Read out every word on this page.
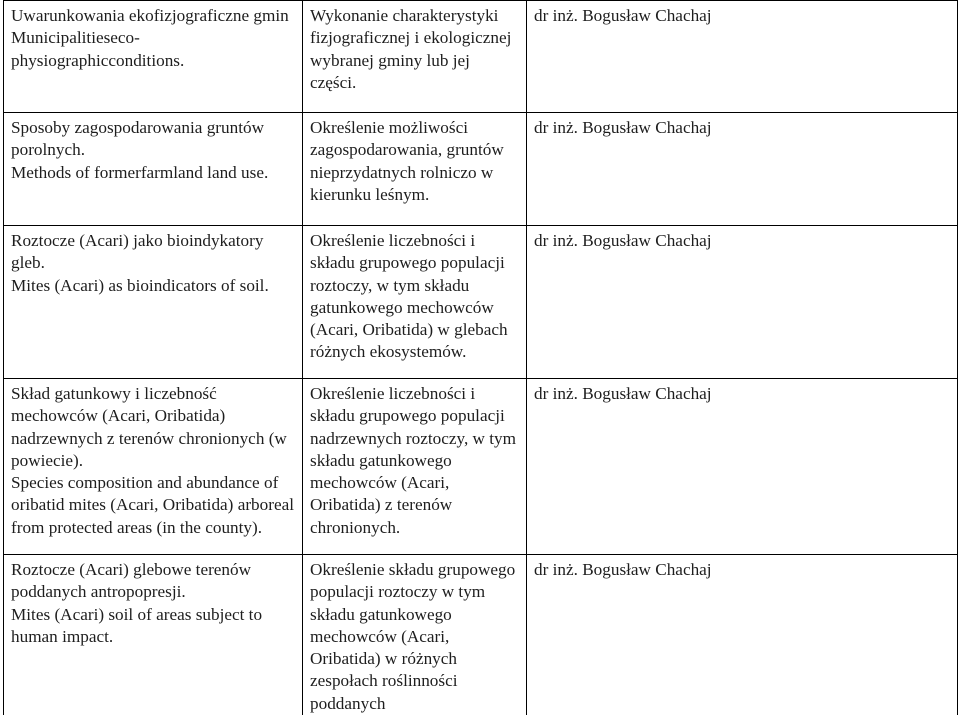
Uwarunkowania ekofizjograficzne gmin Municipalitieseco-physiographicconditions.	Wykonanie charakterystyki fizjograficznej i ekologicznej wybranej gminy lub jej części.	dr inż. Bogusław Chachaj

Sposoby zagospodarowania gruntów porolnych.
Methods of formerfarmland land use.	Określenie możliwości zagospodarowania, gruntów nieprzydatnych rolniczo w kierunku leśnym.	dr inż. Bogusław Chachaj

Roztocze (Acari) jako bioindykatory gleb.
Mites (Acari) as bioindicators of soil.	Określenie liczebności i składu grupowego populacji roztoczy, w tym składu gatunkowego mechowców (Acari, Oribatida) w glebach różnych ekosystemów.	dr inż. Bogusław Chachaj

Skład gatunkowy i liczebność mechowców (Acari, Oribatida) nadrzewnych z terenów chronionych (w powiecie).
Species composition and abundance of oribatid mites (Acari, Oribatida) arboreal from protected areas (in the county).	Określenie liczebności i składu grupowego populacji nadrzewnych roztoczy, w tym składu gatunkowego mechowców (Acari, Oribatida) z terenów chronionych.	dr inż. Bogusław Chachaj

Roztocze (Acari) glebowe terenów poddanych antropopresji.
Mites (Acari) soil of areas subject to human impact.	Określenie składu grupowego populacji roztoczy w tym składu gatunkowego mechowców (Acari, Oribatida) w różnych zespołach roślinności poddanych	dr inż. Bogusław Chachaj
